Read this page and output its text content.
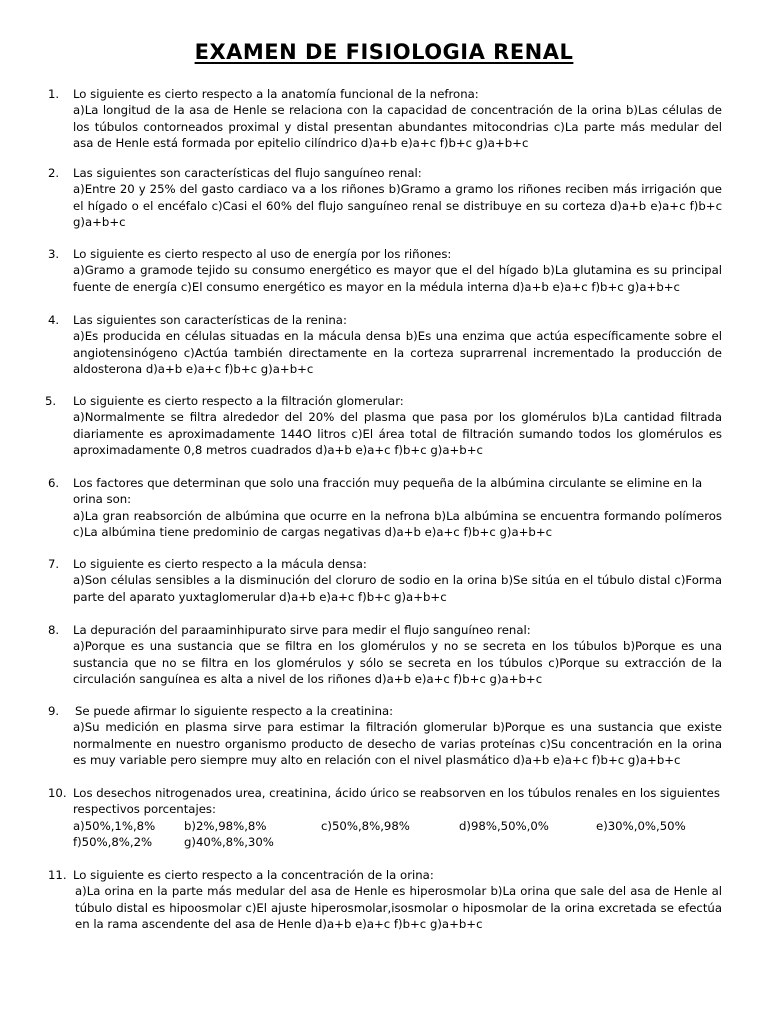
EXAMEN DE FISIOLOGIA RENAL
1. Lo siguiente es cierto respecto a la anatomía funcional de la nefrona:
a)La longitud de la asa de Henle se relaciona con la capacidad de concentración de la orina b)Las células de los túbulos contorneados proximal y distal presentan abundantes mitocondrias c)La parte más medular del asa de Henle está formada por epitelio cilíndrico d)a+b e)a+c f)b+c g)a+b+c
2. Las siguientes son características del flujo sanguíneo renal:
a)Entre 20 y 25% del gasto cardiaco va a los riñones b)Gramo a gramo los riñones reciben más irrigación que el hígado o el encéfalo c)Casi el 60% del flujo sanguíneo renal se distribuye en su corteza d)a+b e)a+c f)b+c g)a+b+c
3. Lo siguiente es cierto respecto al uso de energía por los riñones:
a)Gramo a gramode tejido su consumo energético es mayor que el del hígado b)La glutamina es su principal fuente de energía c)El consumo energético es mayor en la médula interna d)a+b e)a+c f)b+c g)a+b+c
4. Las siguientes son características de la renina:
a)Es producida en células situadas en la mácula densa b)Es una enzima que actúa específicamente sobre el angiotensinógeno c)Actúa también directamente en la corteza suprarrenal incrementado la producción de aldosterona d)a+b e)a+c f)b+c g)a+b+c
5. Lo siguiente es cierto respecto a la filtración glomerular:
a)Normalmente se filtra alrededor del 20% del plasma que pasa por los glomérulos b)La cantidad filtrada diariamente es aproximadamente 144O litros c)El área total de filtración sumando todos los glomérulos es aproximadamente 0,8 metros cuadrados d)a+b e)a+c f)b+c g)a+b+c
6. Los factores que determinan que solo una fracción muy pequeña de la albúmina circulante se elimine en la orina son:
a)La gran reabsorción de albúmina que ocurre en la nefrona b)La albúmina se encuentra formando polímeros c)La albúmina tiene predominio de cargas negativas d)a+b e)a+c f)b+c g)a+b+c
7. Lo siguiente es cierto respecto a la mácula densa:
a)Son células sensibles a la disminución del cloruro de sodio en la orina b)Se sitúa en el túbulo distal c)Forma parte del aparato yuxtaglomerular d)a+b e)a+c f)b+c g)a+b+c
8. La depuración del paraaminhipurato sirve para medir el flujo sanguíneo renal:
a)Porque es una sustancia que se filtra en los glomérulos y no se secreta en los túbulos b)Porque es una sustancia que no se filtra en los glomérulos y sólo se secreta en los túbulos c)Porque su extracción de la circulación sanguínea es alta a nivel de los riñones d)a+b e)a+c f)b+c g)a+b+c
9. Se puede afirmar lo siguiente respecto a la creatinina:
a)Su medición en plasma sirve para estimar la filtración glomerular b)Porque es una sustancia que existe normalmente en nuestro organismo producto de desecho de varias proteínas c)Su concentración en la orina es muy variable pero siempre muy alto en relación con el nivel plasmático d)a+b e)a+c f)b+c g)a+b+c
10. Los desechos nitrogenados urea, creatinina, ácido úrico se reabsorven en los túbulos renales en los siguientes respectivos porcentajes:
a)50%,1%,8% b)2%,98%,8%	c)50%,8%,98%	d)98%,50%,0%	e)30%,0%,50%
f)50%,8%,2%	g)40%,8%,30%
11. Lo siguiente es cierto respecto a la concentración de la orina:
a)La orina en la parte más medular del asa de Henle es hiperosmolar b)La orina que sale del asa de Henle al túbulo distal es hipoosmolar c)El ajuste hiperosmolar,isosmolar o hiposmolar de la orina excretada se efectúa en la rama ascendente del asa de Henle d)a+b e)a+c f)b+c g)a+b+c
